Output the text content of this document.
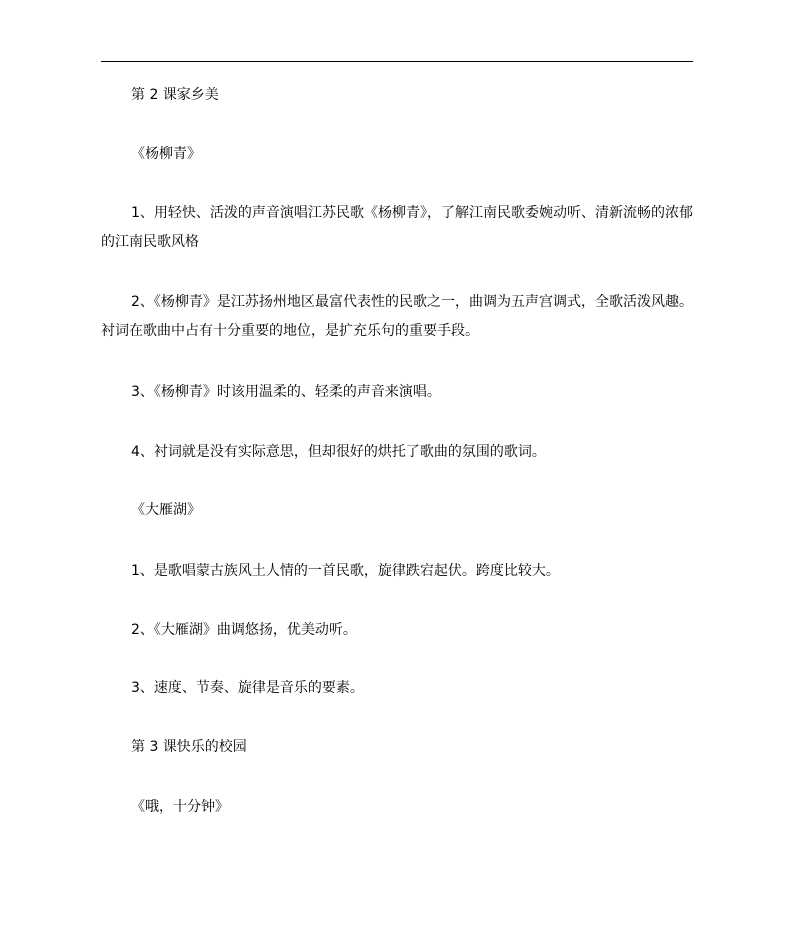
第 2 课家乡美
《杨柳青》
1、用轻快、活泼的声音演唱江苏民歌《杨柳青》，了解江南民歌委婉动听、清新流畅的浓郁的江南民歌风格
2、《杨柳青》是江苏扬州地区最富代表性的民歌之一，曲调为五声宫调式，全歌活泼风趣。衬词在歌曲中占有十分重要的地位，是扩充乐句的重要手段。
3、《杨柳青》时该用温柔的、轻柔的声音来演唱。
4、衬词就是没有实际意思，但却很好的烘托了歌曲的氛围的歌词。
《大雁湖》
1、是歌唱蒙古族风土人情的一首民歌，旋律跌宕起伏。跨度比较大。
2、《大雁湖》曲调悠扬，优美动听。
3、速度、节奏、旋律是音乐的要素。
第 3 课快乐的校园
《哦，十分钟》
